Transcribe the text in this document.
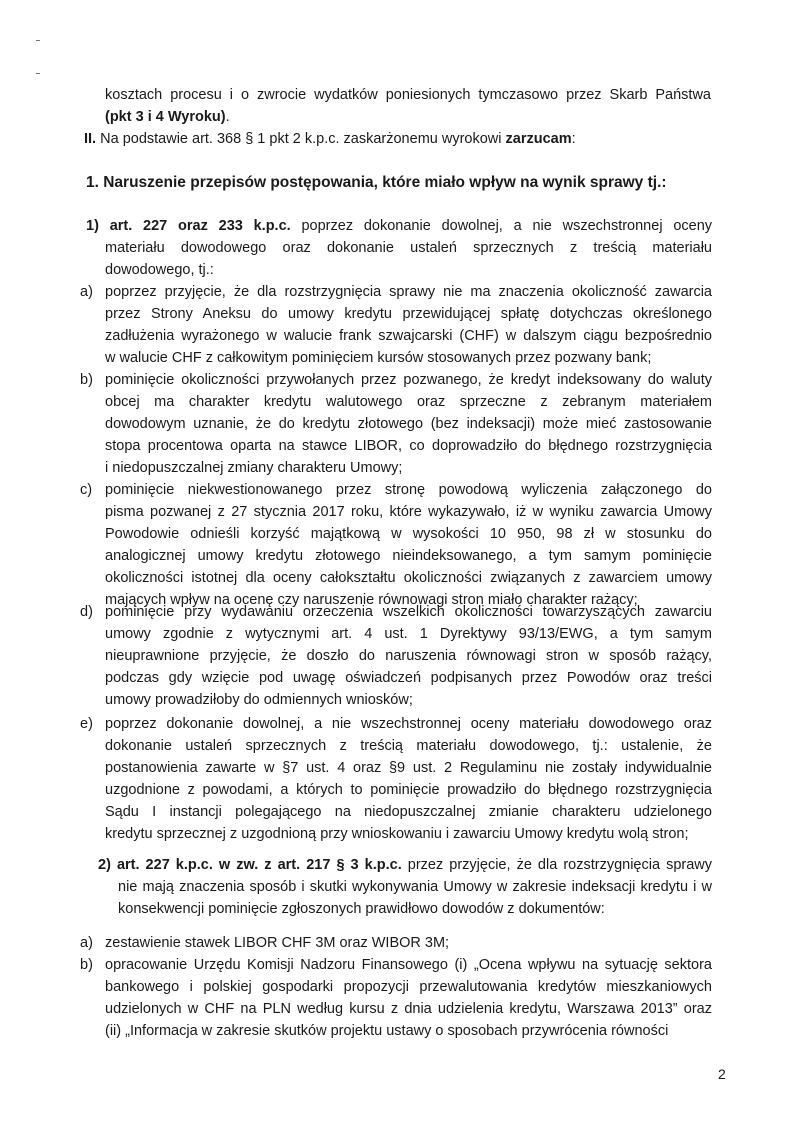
kosztach procesu i o zwrocie wydatków poniesionych tymczasowo przez Skarb Państwa
(pkt 3 i 4 Wyroku).
II. Na podstawie art. 368 § 1 pkt 2 k.p.c. zaskarżonemu wyrokowi zarzucam:
1. Naruszenie przepisów postępowania, które miało wpływ na wynik sprawy tj.:
1) art. 227 oraz 233 k.p.c. poprzez dokonanie dowolnej, a nie wszechstronnej oceny
materiału dowodowego oraz dokonanie ustaleń sprzecznych z treścią materiału
dowodowego, tj.:
a) poprzez przyjęcie, że dla rozstrzygnięcia sprawy nie ma znaczenia okoliczność zawarcia
przez Strony Aneksu do umowy kredytu przewidującej spłatę dotychczas określonego
zadłużenia wyrażonego w walucie frank szwajcarski (CHF) w dalszym ciągu bezpośrednio
w walucie CHF z całkowitym pominięciem kursów stosowanych przez pozwany bank;
b) pominięcie okoliczności przywołanych przez pozwanego, że kredyt indeksowany do waluty
obcej ma charakter kredytu walutowego oraz sprzeczne z zebranym materiałem
dowodowym uznanie, że do kredytu złotowego (bez indeksacji) może mieć zastosowanie
stopa procentowa oparta na stawce LIBOR, co doprowadziło do błędnego rozstrzygnięcia
i niedopuszczalnej zmiany charakteru Umowy;
c) pominięcie niekwestionowanego przez stronę powodową wyliczenia załączonego do
pisma pozwanej z 27 stycznia 2017 roku, które wykazywało, iż w wyniku zawarcia Umowy
Powodowie odnieśli korzyść majątkową w wysokości 10 950, 98 zł w stosunku do
analogicznej umowy kredytu złotowego nieindeksowanego, a tym samym pominięcie
okoliczności istotnej dla oceny całokształtu okoliczności związanych z zawarciem umowy
mających wpływ na ocenę czy naruszenie równowagi stron miało charakter rażący;
d) pominięcie przy wydawaniu orzeczenia wszelkich okoliczności towarzyszących zawarciu
umowy zgodnie z wytycznymi art. 4 ust. 1 Dyrektywy 93/13/EWG, a tym samym
nieuprawnione przyjęcie, że doszło do naruszenia równowagi stron w sposób rażący,
podczas gdy wzięcie pod uwagę oświadczeń podpisanych przez Powodów oraz treści
umowy prowadziłoby do odmiennych wniosków;
e) poprzez dokonanie dowolnej, a nie wszechstronnej oceny materiału dowodowego oraz
dokonanie ustaleń sprzecznych z treścią materiału dowodowego, tj.: ustalenie, że
postanowienia zawarte w §7 ust. 4 oraz §9 ust. 2 Regulaminu nie zostały indywidualnie
uzgodnione z powodami, a których to pominięcie prowadziło do błędnego rozstrzygnięcia
Sądu I instancji polegającego na niedopuszczalnej zmianie charakteru udzielonego
kredytu sprzecznej z uzgodnioną przy wnioskowaniu i zawarciu Umowy kredytu wolą stron;
2) art. 227 k.p.c. w zw. z art. 217 § 3 k.p.c. przez przyjęcie, że dla rozstrzygnięcia sprawy
nie mają znaczenia sposób i skutki wykonywania Umowy w zakresie indeksacji kredytu i w
konsekwencji pominięcie zgłoszonych prawidłowo dowodów z dokumentów:
a) zestawienie stawek LIBOR CHF 3M oraz WIBOR 3M;
b) opracowanie Urzędu Komisji Nadzoru Finansowego (i) „Ocena wpływu na sytuację sektora
bankowego i polskiej gospodarki propozycji przewalutowania kredytów mieszkaniowych
udzielonych w CHF na PLN według kursu z dnia udzielenia kredytu, Warszawa 2013” oraz
(ii) „Informacja w zakresie skutków projektu ustawy o sposobach przywrócenia równości
2
